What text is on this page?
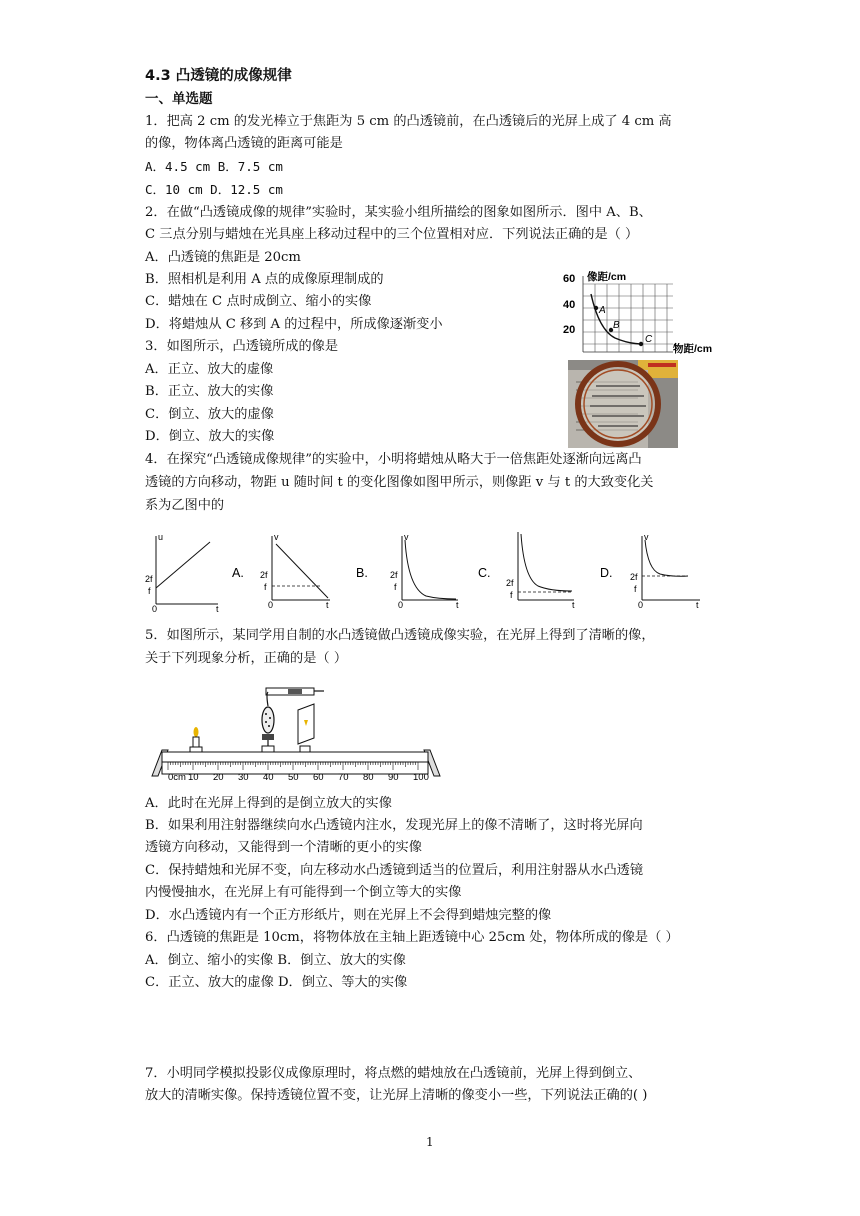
4.3 凸透镜的成像规律
一、单选题
1．把高 2 cm 的发光棒立于焦距为 5 cm 的凸透镜前，在凸透镜后的光屏上成了 4 cm 高
的像，物体离凸透镜的距离可能是
A．4.5 cm B．7.5 cm
C．10 cm D．12.5 cm
2．在做“凸透镜成像的规律”实验时，某实验小组所描绘的图象如图所示．图中 A、B、
C 三点分别与蜡烛在光具座上移动过程中的三个位置相对应．下列说法正确的是（ ）
A．凸透镜的焦距是 20cm
B．照相机是利用 A 点的成像原理制成的
C．蜡烛在 C 点时成倒立、缩小的实像
D．将蜡烛从 C 移到 A 的过程中，所成像逐渐变小
A
B
C
60
40
20
像距/cm
物距/cm
3．如图所示，凸透镜所成的像是
A．正立、放大的虚像
B．正立、放大的实像
C．倒立、放大的虚像
D．倒立、放大的实像
4．在探究“凸透镜成像规律”的实验中，小明将蜡烛从略大于一倍焦距处逐渐向远离凸
透镜的方向移动，物距 u 随时间 t 的变化图像如图甲所示，则像距 v 与 t 的大致变化关
系为乙图中的
u
2f
f
0	t
A.
v
2f
f
0	t
B.
v
2f
f
0	t
C.
2f
f
t
D.
v
2f
f
0	t
5．如图所示，某同学用自制的水凸透镜做凸透镜成像实验，在光屏上得到了清晰的像，
关于下列现象分析，正确的是（ ）
0cm 10 20 30 40 50 60 70 80 90 100
A．此时在光屏上得到的是倒立放大的实像
B．如果利用注射器继续向水凸透镜内注水，发现光屏上的像不清晰了，这时将光屏向
透镜方向移动，又能得到一个清晰的更小的实像
C．保持蜡烛和光屏不变，向左移动水凸透镜到适当的位置后，利用注射器从水凸透镜
内慢慢抽水，在光屏上有可能得到一个倒立等大的实像
D．水凸透镜内有一个正方形纸片，则在光屏上不会得到蜡烛完整的像
6．凸透镜的焦距是 10cm，将物体放在主轴上距透镜中心 25cm 处，物体所成的像是（ ）
A．倒立、缩小的实像 B．倒立、放大的实像
C．正立、放大的虚像 D．倒立、等大的实像
7．小明同学模拟投影仪成像原理时，将点燃的蜡烛放在凸透镜前，光屏上得到倒立、
放大的清晰实像。保持透镜位置不变，让光屏上清晰的像变小一些，下列说法正确的( )
1
